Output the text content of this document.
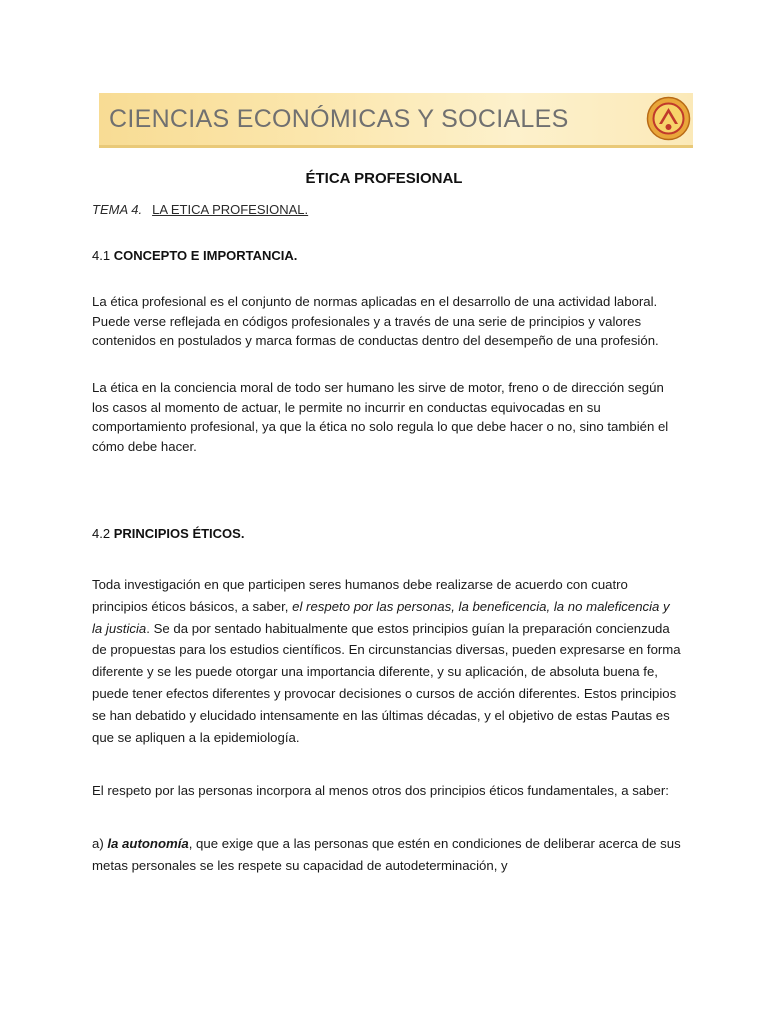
CIENCIAS ECONÓMICAS Y SOCIALES
ÉTICA PROFESIONAL
TEMA 4. LA ETICA PROFESIONAL.
4.1 CONCEPTO E IMPORTANCIA.

La ética profesional es el conjunto de normas aplicadas en el desarrollo de una actividad laboral. Puede verse reflejada en códigos profesionales y a través de una serie de principios y valores contenidos en postulados y marca formas de conductas dentro del desempeño de una profesión.

La ética en la conciencia moral de todo ser humano les sirve de motor, freno o de dirección según los casos al momento de actuar, le permite no incurrir en conductas equivocadas en su comportamiento profesional, ya que la ética no solo regula lo que debe hacer o no, sino también el cómo debe hacer.

4.2 PRINCIPIOS ÉTICOS.

Toda investigación en que participen seres humanos debe realizarse de acuerdo con cuatro principios éticos básicos, a saber, el respeto por las personas, la beneficencia, la no maleficencia y la justicia. Se da por sentado habitualmente que estos principios guían la preparación concienzuda de propuestas para los estudios científicos. En circunstancias diversas, pueden expresarse en forma diferente y se les puede otorgar una importancia diferente, y su aplicación, de absoluta buena fe, puede tener efectos diferentes y provocar decisiones o cursos de acción diferentes. Estos principios se han debatido y elucidado intensamente en las últimas décadas, y el objetivo de estas Pautas es que se apliquen a la epidemiología.

El respeto por las personas incorpora al menos otros dos principios éticos fundamentales, a saber:

a) la autonomía, que exige que a las personas que estén en condiciones de deliberar acerca de sus metas personales se les respete su capacidad de autodeterminación, y
